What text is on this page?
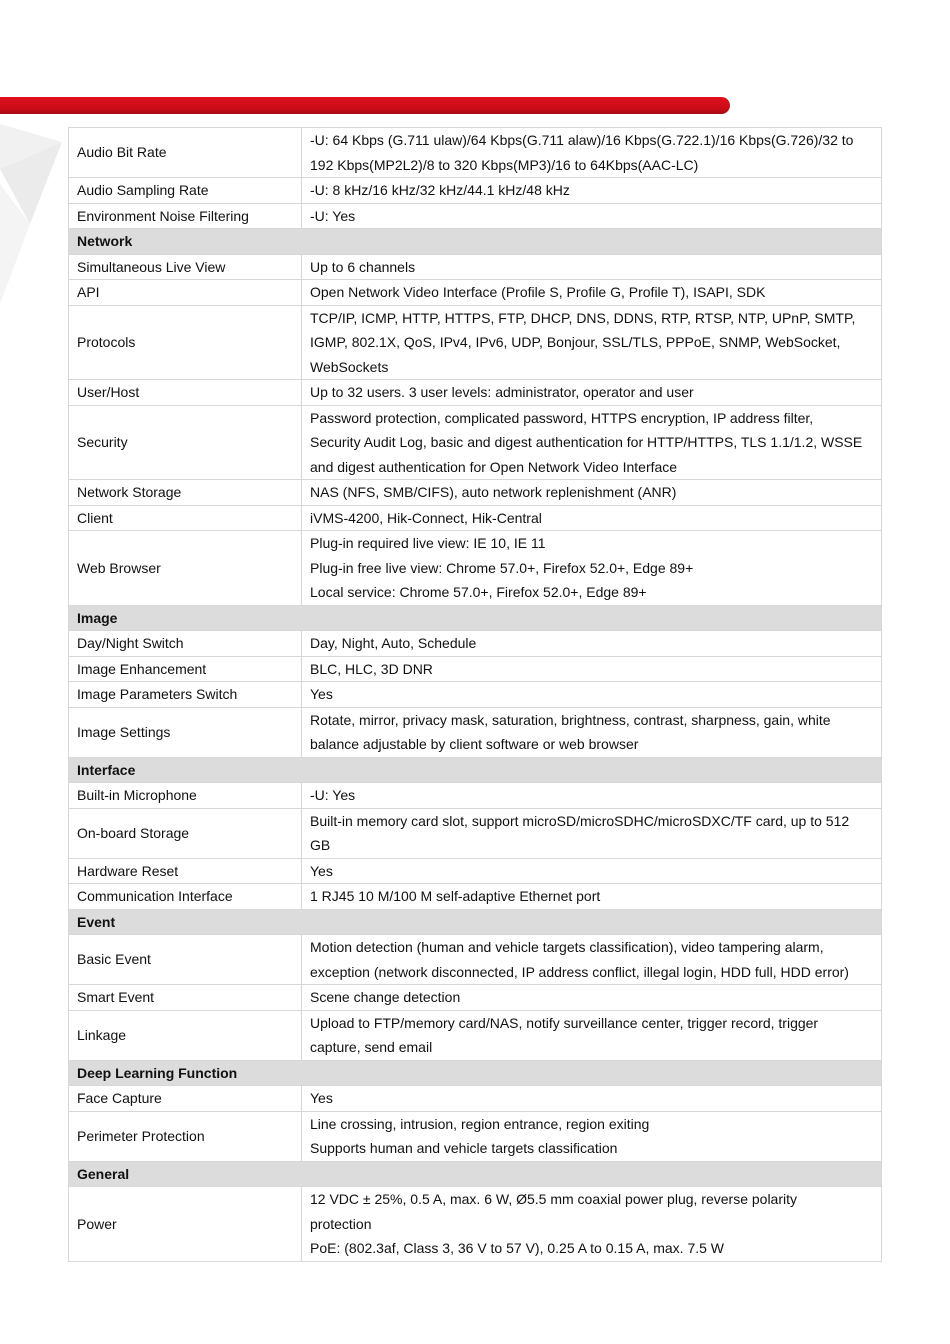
Audio Bit Rate	-U: 64 Kbps (G.711 ulaw)/64 Kbps(G.711 alaw)/16 Kbps(G.722.1)/16 Kbps(G.726)/32 to
192 Kbps(MP2L2)/8 to 320 Kbps(MP3)/16 to 64Kbps(AAC-LC)

Audio Sampling Rate	-U: 8 kHz/16 kHz/32 kHz/44.1 kHz/48 kHz

Environment Noise Filtering	-U: Yes

Network	
Simultaneous Live View	Up to 6 channels

API	Open Network Video Interface (Profile S, Profile G, Profile T), ISAPI, SDK

Protocols	TCP/IP, ICMP, HTTP, HTTPS, FTP, DHCP, DNS, DDNS, RTP, RTSP, NTP, UPnP, SMTP,
IGMP, 802.1X, QoS, IPv4, IPv6, UDP, Bonjour, SSL/TLS, PPPoE, SNMP, WebSocket,
WebSockets

User/Host	Up to 32 users. 3 user levels: administrator, operator and user

Security	Password protection, complicated password, HTTPS encryption, IP address filter,
Security Audit Log, basic and digest authentication for HTTP/HTTPS, TLS 1.1/1.2, WSSE
and digest authentication for Open Network Video Interface

Network Storage	NAS (NFS, SMB/CIFS), auto network replenishment (ANR)

Client	iVMS-4200, Hik-Connect, Hik-Central

Web Browser	Plug-in required live view: IE 10, IE 11
Plug-in free live view: Chrome 57.0+, Firefox 52.0+, Edge 89+
Local service: Chrome 57.0+, Firefox 52.0+, Edge 89+

Image	
Day/Night Switch	Day, Night, Auto, Schedule

Image Enhancement	BLC, HLC, 3D DNR

Image Parameters Switch	Yes

Image Settings	Rotate, mirror, privacy mask, saturation, brightness, contrast, sharpness, gain, white
balance adjustable by client software or web browser

Interface	
Built-in Microphone	-U: Yes

On-board Storage	Built-in memory card slot, support microSD/microSDHC/microSDXC/TF card, up to 512
GB

Hardware Reset	Yes

Communication Interface	1 RJ45 10 M/100 M self-adaptive Ethernet port

Event	
Basic Event	Motion detection (human and vehicle targets classification), video tampering alarm,
exception (network disconnected, IP address conflict, illegal login, HDD full, HDD error)

Smart Event	Scene change detection

Linkage	Upload to FTP/memory card/NAS, notify surveillance center, trigger record, trigger
capture, send email

Deep Learning Function	
Face Capture	Yes

Perimeter Protection	Line crossing, intrusion, region entrance, region exiting
Supports human and vehicle targets classification

General	
Power	12 VDC ± 25%, 0.5 A, max. 6 W, Ø5.5 mm coaxial power plug, reverse polarity
protection
PoE: (802.3af, Class 3, 36 V to 57 V), 0.25 A to 0.15 A, max. 7.5 W
